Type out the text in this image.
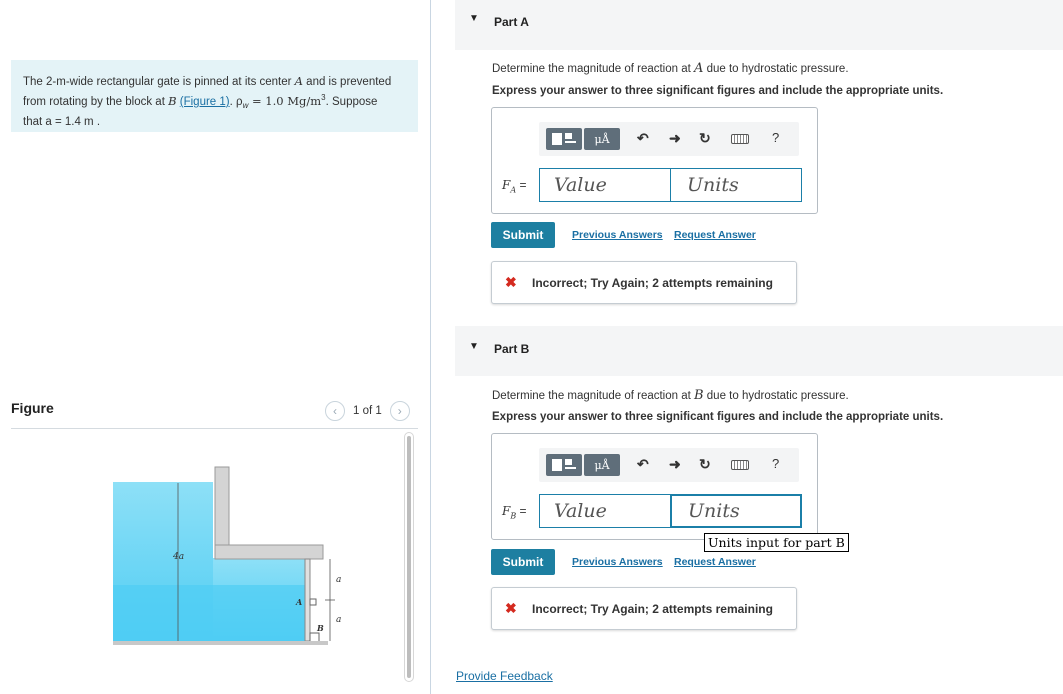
The 2-m-wide rectangular gate is pinned at its center A and is prevented
from rotating by the block at B (Figure 1). $\rho_w = 1.0$ $Mg/m^3$. Suppose
that a = 1.4 m .
Figure	‹	1 of 1	›
4a
a
a
A
B
▼ Part A
Determine the magnitude of reaction at A due to hydrostatic pressure.
Express your answer to three significant figures and include the appropriate units.
μÅ	↶ ➜ ↻	?
$F_A$ =
Value
Units
Submit	Previous Answers Request Answer
✖ Incorrect; Try Again; 2 attempts remaining
▼ Part B
Determine the magnitude of reaction at B due to hydrostatic pressure.
Express your answer to three significant figures and include the appropriate units.
μÅ	↶ ➜ ↻	?
$F_B$ =
Value
Units
Units input for part B
Submit	Previous Answers Request Answer
✖ Incorrect; Try Again; 2 attempts remaining
Provide Feedback
